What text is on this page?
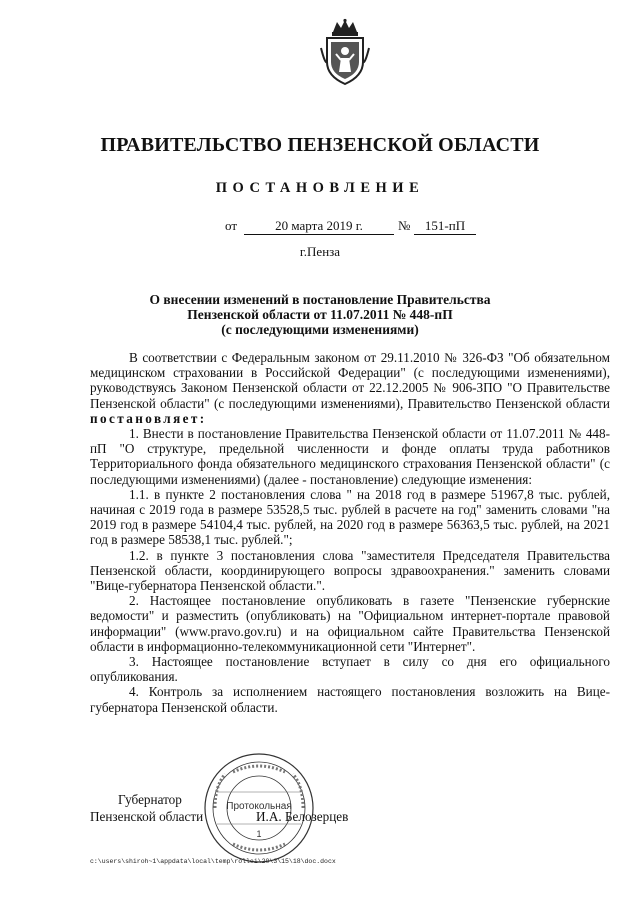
ПРАВИТЕЛЬСТВО ПЕНЗЕНСКОЙ ОБЛАСТИ
ПОСТАНОВЛЕНИЕ
от	20 марта 2019 г.	№	151-пП
г.Пенза
О внесении изменений в постановление Правительства
Пензенской области от 11.07.2011 № 448-пП
(с последующими изменениями)

В соответствии с Федеральным законом от 29.11.2010 № 326-ФЗ "Об обязательном медицинском страховании в Российской Федерации" (с последующими изменениями), руководствуясь Законом Пензенской области от 22.12.2005 № 906-ЗПО "О Правительстве Пензенской области" (с последующими изменениями), Правительство Пензенской области постановляет:

1. Внести в постановление Правительства Пензенской области от 11.07.2011 № 448-пП "О структуре, предельной численности и фонде оплаты труда работников Территориального фонда обязательного медицинского страхования Пензенской области" (с последующими изменениями) (далее - постановление) следующие изменения:

1.1. в пункте 2 постановления слова " на 2018 год в размере 51967,8 тыс. рублей, начиная с 2019 года в размере 53528,5 тыс. рублей в расчете на год" заменить словами "на 2019 год в размере 54104,4 тыс. рублей, на 2020 год в размере 56363,5 тыс. рублей, на 2021 год в размере 58538,1 тыс. рублей.";

1.2. в пункте 3 постановления слова "заместителя Председателя Правительства Пензенской области, координирующего вопросы здравоохранения." заменить словами "Вице-губернатора Пензенской области.".

2. Настоящее постановление опубликовать в газете "Пензенские губернские ведомости" и разместить (опубликовать) на "Официальном интернет-портале правовой информации" (www.pravo.gov.ru) и на официальном сайте Правительства Пензенской области в информационно-телекоммуникационной сети "Интернет".

3. Настоящее постановление вступает в силу со дня его официального опубликования.

4. Контроль за исполнением настоящего постановления возложить на Вице-губернатора Пензенской области.

Протокольная
1
Губернатор
Пензенской области	И.А. Белозерцев
c:\users\shiroh~1\appdata\local\temp\rollei\20\3\15\18\doc.docx
